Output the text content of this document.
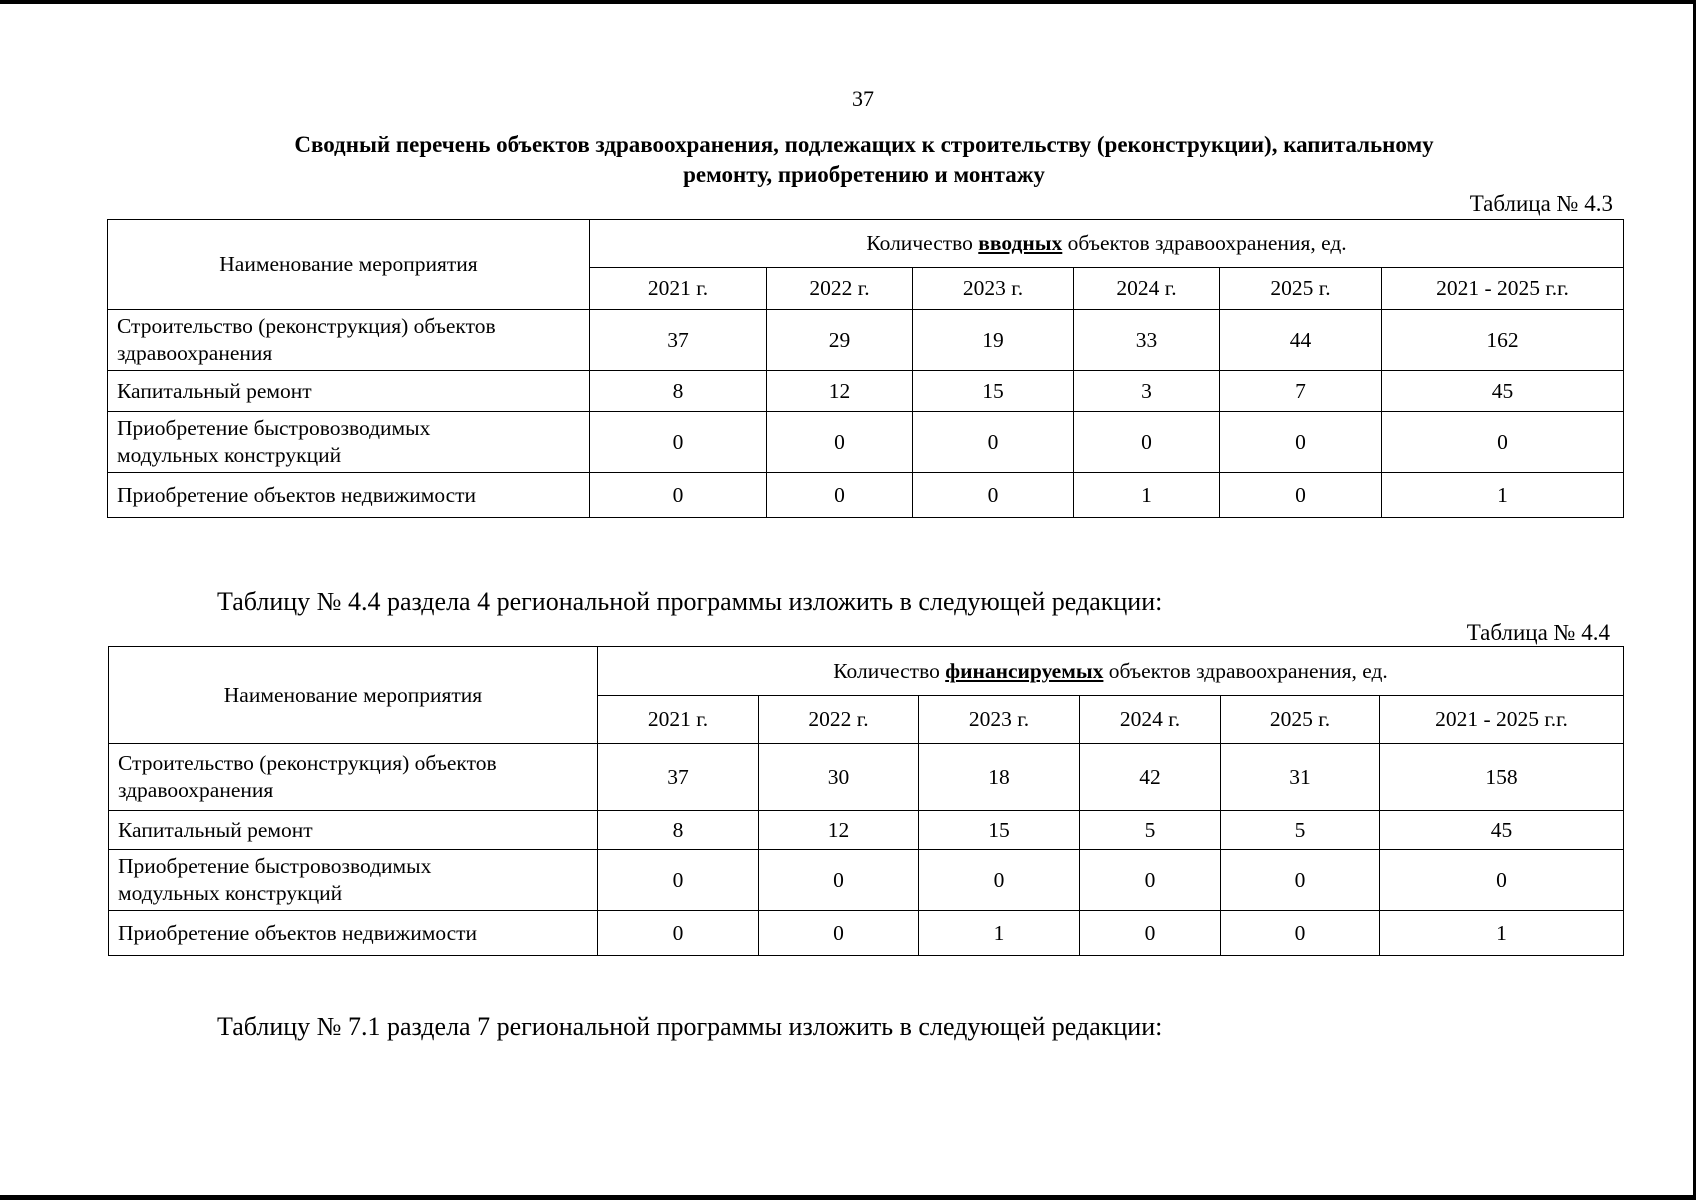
37
Сводный перечень объектов здравоохранения, подлежащих к строительству (реконструкции), капитальному
ремонту, приобретению и монтажу
Таблица № 4.3
Наименование мероприятия	Количество вводных объектов здравоохранения, ед.					
	2021 г.	2022 г.	2023 г.	2024 г.	2025 г.	2021 - 2025 г.г.

Строительство (реконструкция) объектов
здравоохранения	37	29	19	33	44	162
Капитальный ремонт	8	12	15	3	7	45

Приобретение быстровозводимых
модульных конструкций	0	0	0	0	0	0
Приобретение объектов недвижимости	0	0	0	1	0	1
Таблицу № 4.4 раздела 4 региональной программы изложить в следующей редакции:
Таблица № 4.4
Наименование мероприятия	Количество финансируемых объектов здравоохранения, ед.					
	2021 г.	2022 г.	2023 г.	2024 г.	2025 г.	2021 - 2025 г.г.

Строительство (реконструкция) объектов
здравоохранения	37	30	18	42	31	158
Капитальный ремонт	8	12	15	5	5	45

Приобретение быстровозводимых
модульных конструкций	0	0	0	0	0	0
Приобретение объектов недвижимости	0	0	1	0	0	1
Таблицу № 7.1 раздела 7 региональной программы изложить в следующей редакции:
